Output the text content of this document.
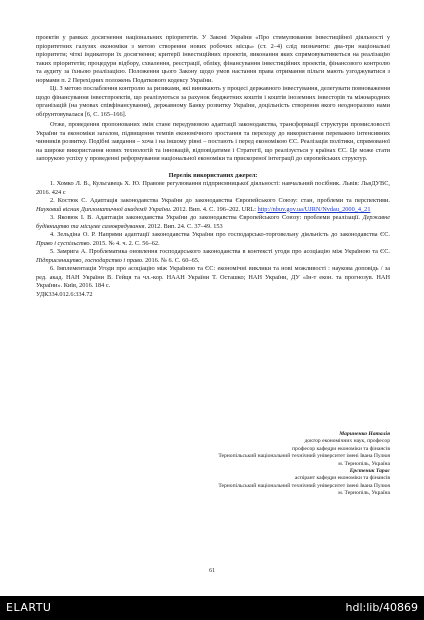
проектів у рамках досягнення національних пріоритетів. У Законі України «Про стимулювання інвестиційної діяльності у пріоритетних галузях економіки з метою створення нових робочих місць» (ст. 2–4) слід визначити: два-три національні пріоритети; чіткі індикатори їх досягнення; критерії інвестиційних проектів, виконання яких спрямовуватиметься на реалізацію таких пріоритетів; процедури відбору, схвалення, реєстрації, обліку, фінансування інвестиційних проектів, фінансового контролю та аудиту за їхньою реалізацією. Положення цього Закону щодо умов настання права отримання пільги мають узгоджуватися з нормами п. 2 Перехідних положень Податкового кодексу України.

Ці. З метою послаблення контролю за ризиками, які виникають у процесі державного інвестування, делегувати повноваження щодо фінансування інвестпроектів, що реалізуються за рахунок бюджетних коштів і коштів іноземних інвесторів та міжнародних організацій (на умовах співфінансування), державному Банку розвитку України, доцільність створення якого неодноразово нами обґрунтовувалася [6, С. 165–166].

Отже, проведення пропонованих змін стане передумовою адаптації законодавства, трансформації структури промисловості України та економіки загалом, підвищення темпів економічного зростання та переходу до використання переважно інтенсивних чинників розвитку. Подібні завдання – хоча і на іншому рівні – постають і перед економікою ЄС. Реалізація політики, спрямованої на широке використання нових технологій та інновацій, відповідатиме і Стратегії, що реалізується у країнах ЄС. Це може стати запорукою успіху у проведенні реформування національної економіки та прискореної інтеграції до європейських структур.

Перелік використаних джерел:

1. Хомко Л. В., Кульгавець Х. Ю. Правове регулювання підприємницької діяльності: навчальний посібник. Львів: ЛьвДУВС, 2016. 424 с

2. Костюк С. Адаптація законодавства України до законодавства Європейського Союзу: стан, проблеми та перспективи. Науковий вісник Дипломатичної академії України. 2012. Вип. 4. С. 196–202. URL: http://nbuv.gov.ua/UJRN/Nvdau_2000_4_21

3. Яковюк І. В. Адаптація законодавства України до законодавства Європейського Союзу: проблеми реалізації. Державне будівництво та місцеве самоврядування. 2012. Вип. 24. С. 37–49. 153

4. Зельдіна О. Р. Напрями адаптації законодавства України про господарсько-торговельну діяльність до законодавства ЄС. Право і суспільство. 2015. № 4. ч. 2. С. 56–62.

5. Замрига А. Проблематика оновлення господарського законодавства в контексті угоди про асоціацію між Україною та ЄС. Підприємництво, господарство і право. 2016. № 6. С. 60–65.

6. Імплементація Угоди про асоціацію між Україною та ЄС: економічні виклики та нові можливості : наукова доповідь / за ред. акад. НАН України В. Гейця та чл.-кор. НААН України Т. Осташко; НАН України, ДУ «Ін-т екон. та прогнозув. НАН України». Київ, 2016. 184 с.

УДК334.012.6:334.72

Мариненко Наталія
доктор економічних наук, професор
професор кафедри економіки та фінансів
Тернопільський національний технічний університет імені Івана Пулюя
м. Тернопіль, Україна
Ерстеник Тарас
аспірант кафедри економіки та фінансів
Тернопільський національний технічний університет імені Івана Пулюя
м. Тернопіль, Україна
61
ELARTU	hdl:lib/40869
